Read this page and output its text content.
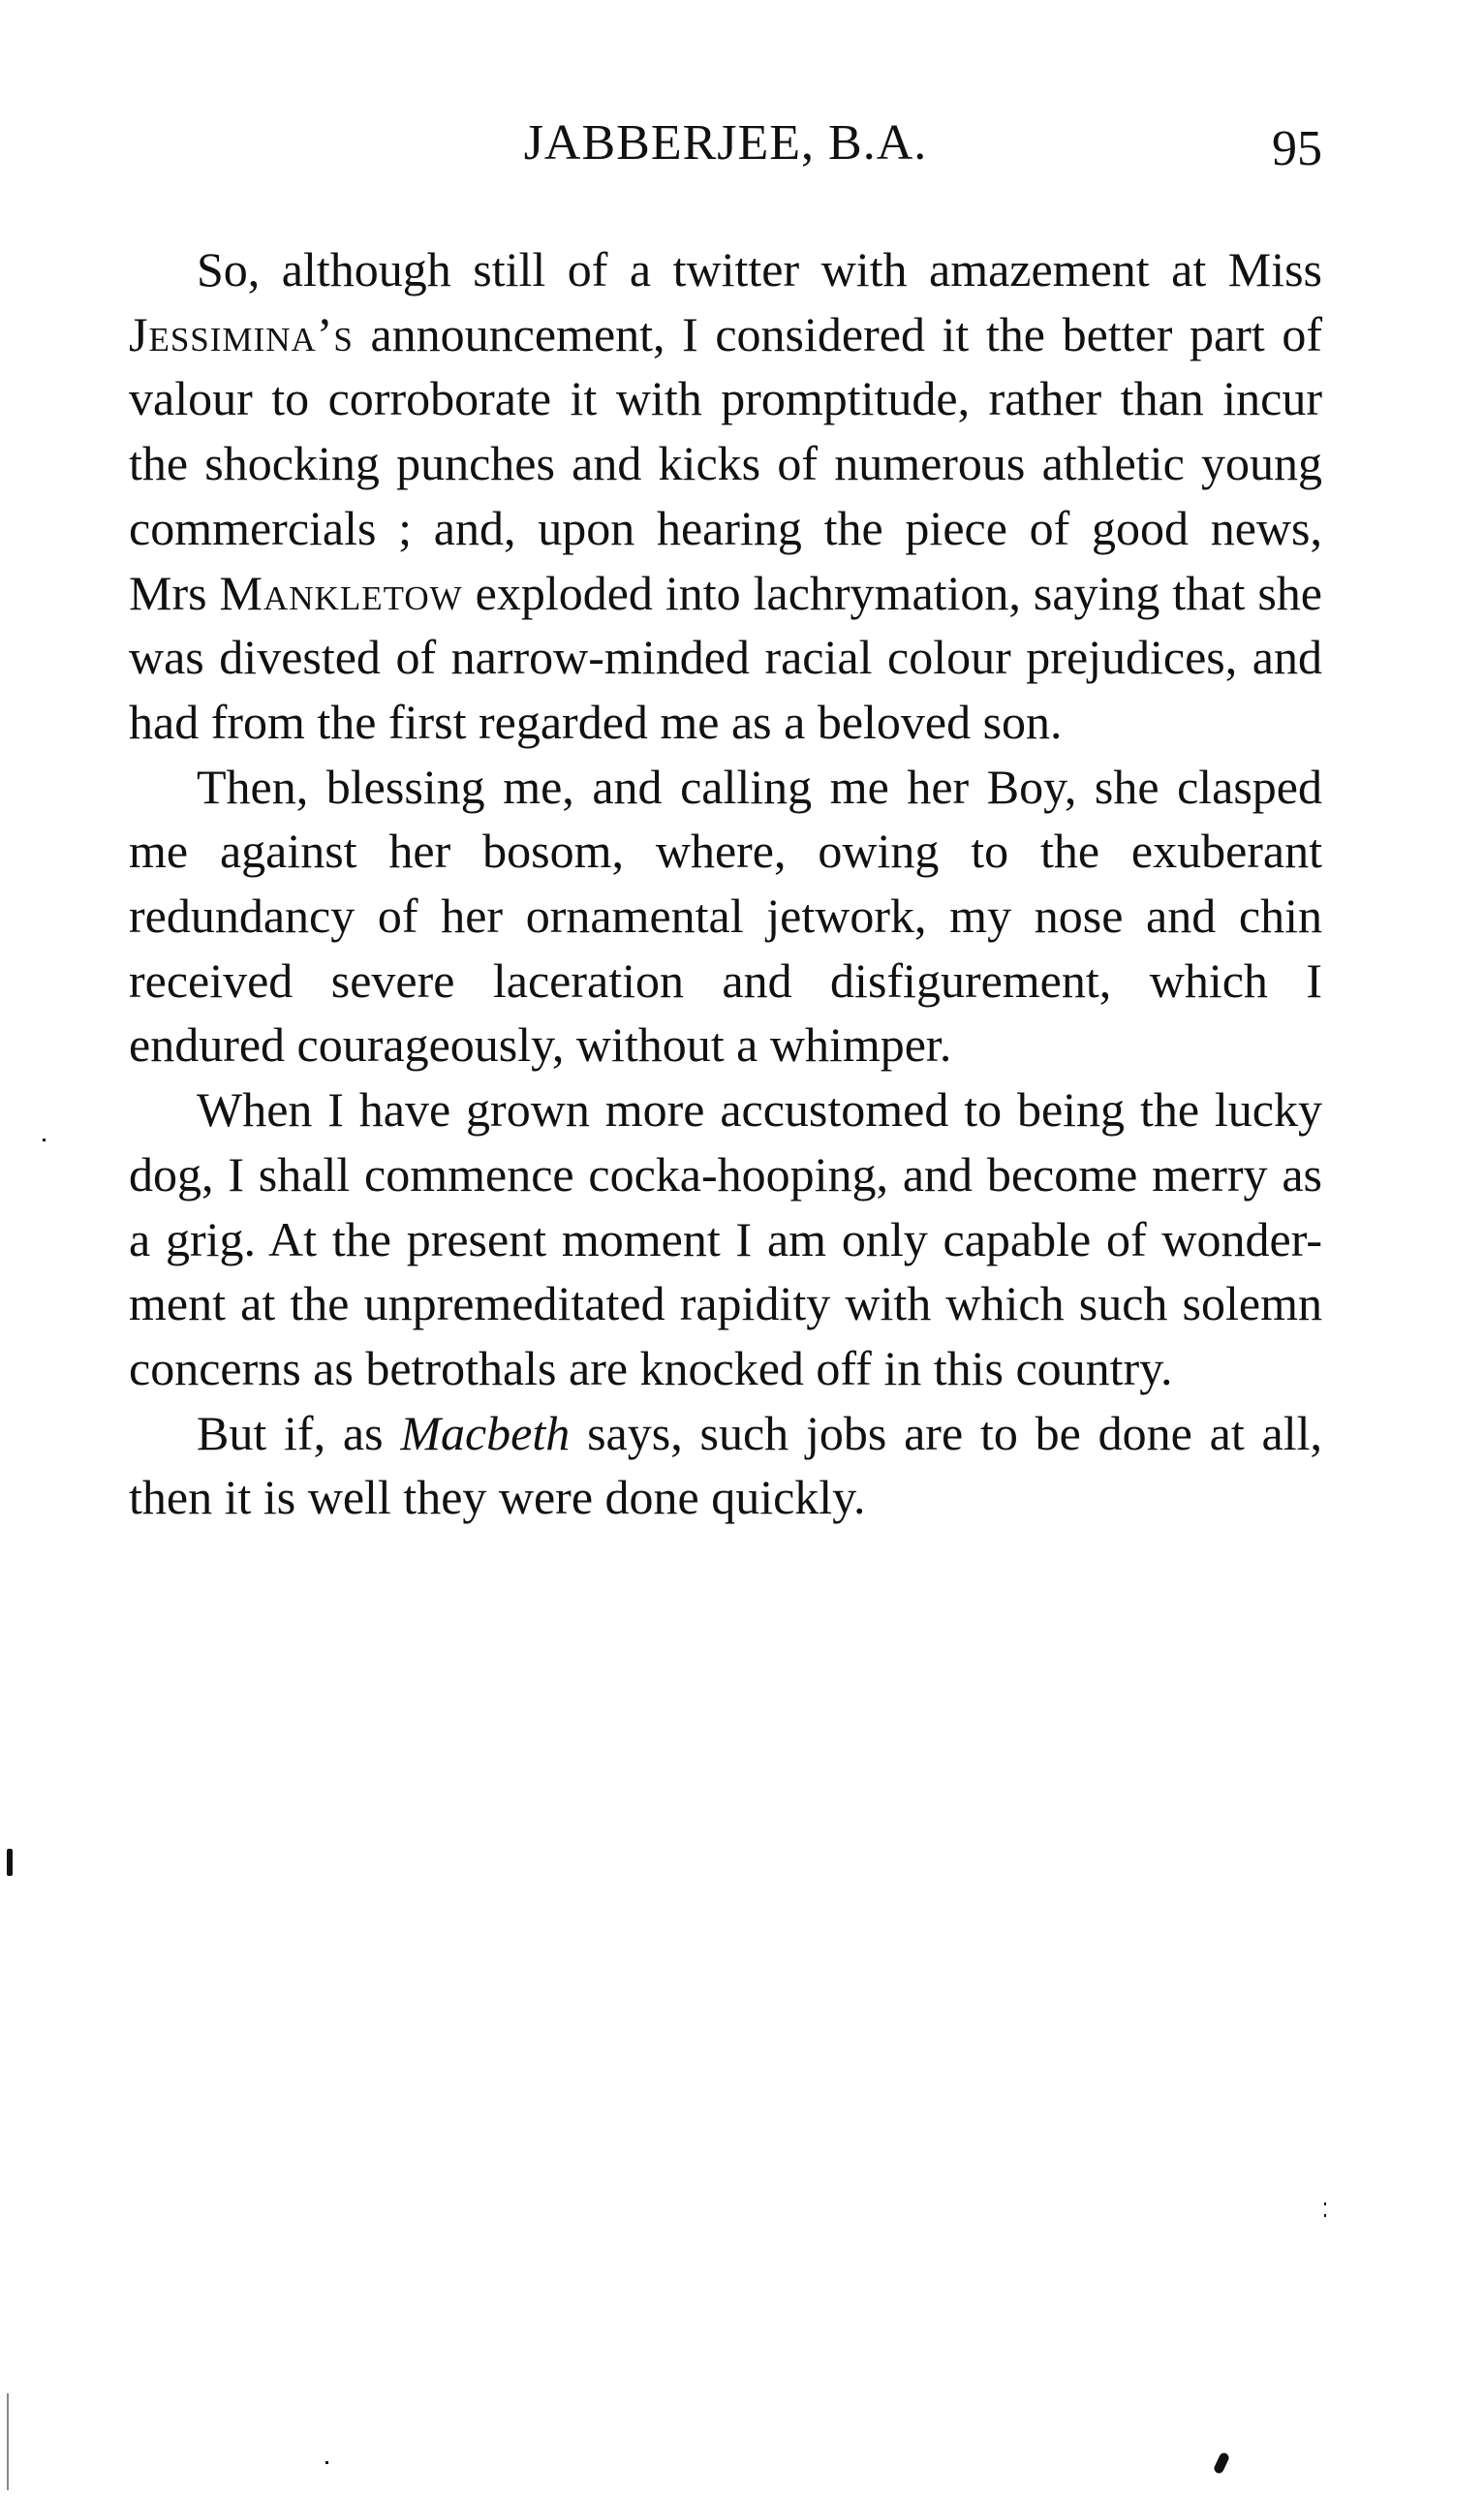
JABBERJEE, B.A.	95

So, although still of a twitter with amazement at Miss Jessimina’s announcement, I considered it the better part of valour to corroborate it with promptitude, rather than incur the shocking punches and kicks of numerous athletic young commercials ; and, upon hearing the piece of good news, Mrs Mankletow exploded into lachrymation, saying that she was divested of narrow-minded racial colour prejudices, and had from the first regarded me as a beloved son.

Then, blessing me, and calling me her Boy, she clasped me against her bosom, where, owing to the exuberant redundancy of her ornamental jetwork, my nose and chin received severe laceration and disfigurement, which I endured courageously, without a whimper.

When I have grown more accustomed to being the lucky dog, I shall commence cocka-hooping, and become merry as a grig. At the present moment I am only capable of wonder-ment at the unpremeditated rapidity with which such solemn concerns as betrothals are knocked off in this country.

But if, as Macbeth says, such jobs are to be done at all, then it is well they were done quickly.
